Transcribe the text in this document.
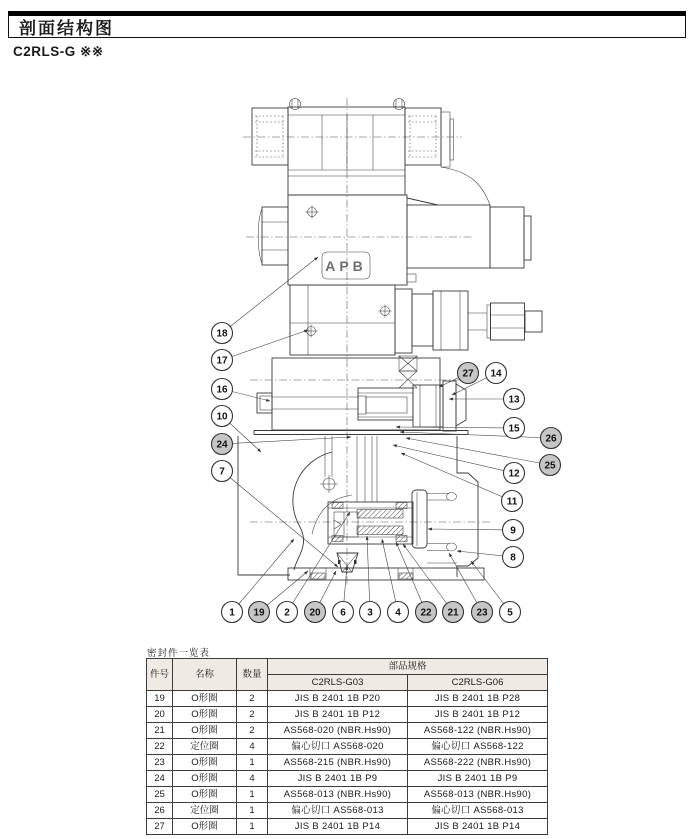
剖面结构图
C2RLS-G ※※
APB
18
17
16
10
24
7
27 14
13
15
26
25
12
11
9
8
1 19 2 20 6 3 4 22 21 23 5
密封件一览表
件号	名称	数量	部品规格	
			C2RLS-G03	C2RLS-G06
19	O形圈	2	JIS B 2401 1B P20	JIS B 2401 1B P28
20	O形圈	2	JIS B 2401 1B P12	JIS B 2401 1B P12
21	O形圈	2	AS568-020 (NBR.Hs90)	AS568-122 (NBR.Hs90)
22	定位圈	4	偏心切口 AS568-020	偏心切口 AS568-122
23	O形圈	1	AS568-215 (NBR.Hs90)	AS568-222 (NBR.Hs90)
24	O形圈	4	JIS B 2401 1B P9	JIS B 2401 1B P9
25	O形圈	1	AS568-013 (NBR.Hs90)	AS568-013 (NBR.Hs90)
26	定位圈	1	偏心切口 AS568-013	偏心切口 AS568-013
27	O形圈	1	JIS B 2401 1B P14	JIS B 2401 1B P14
